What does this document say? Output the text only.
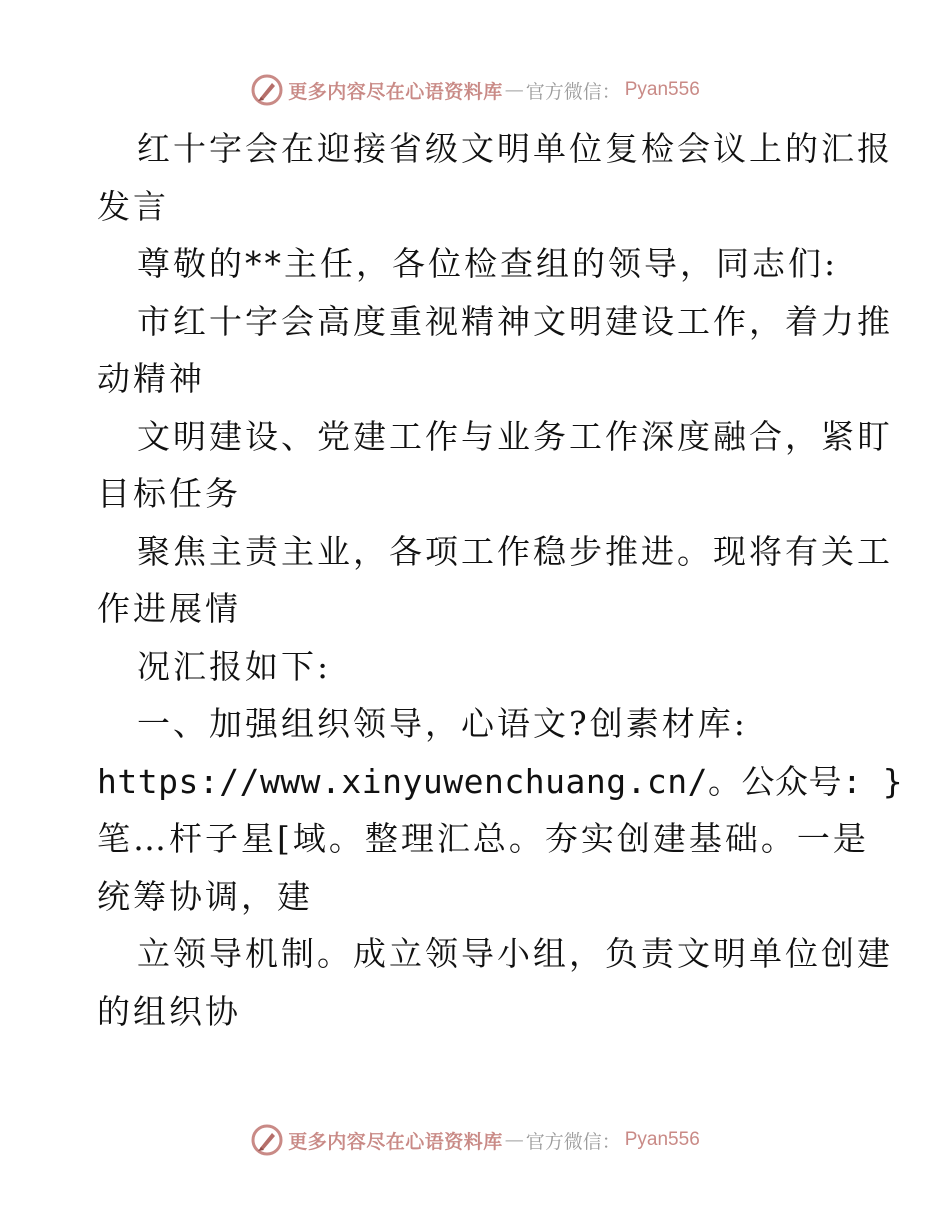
更多内容尽在心语资料库 — 官方微信： Pyan556
红十字会在迎接省级文明单位复检会议上的汇报
发言
尊敬的**主任，各位检查组的领导，同志们:
市红十字会高度重视精神文明建设工作，着力推
动精神
文明建设、党建工作与业务工作深度融合，紧盯
目标任务
聚焦主责主业，各项工作稳步推进。现将有关工
作进展情
况汇报如下:
一、加强组织领导，心语文?创素材库:
https://www.xinyuwenchuang.cn/。公众号: }
笔…杆子星[域。整理汇总。夯实创建基础。一是
统筹协调，建
立领导机制。成立领导小组，负责文明单位创建
的组织协
更多内容尽在心语资料库 — 官方微信： Pyan556
